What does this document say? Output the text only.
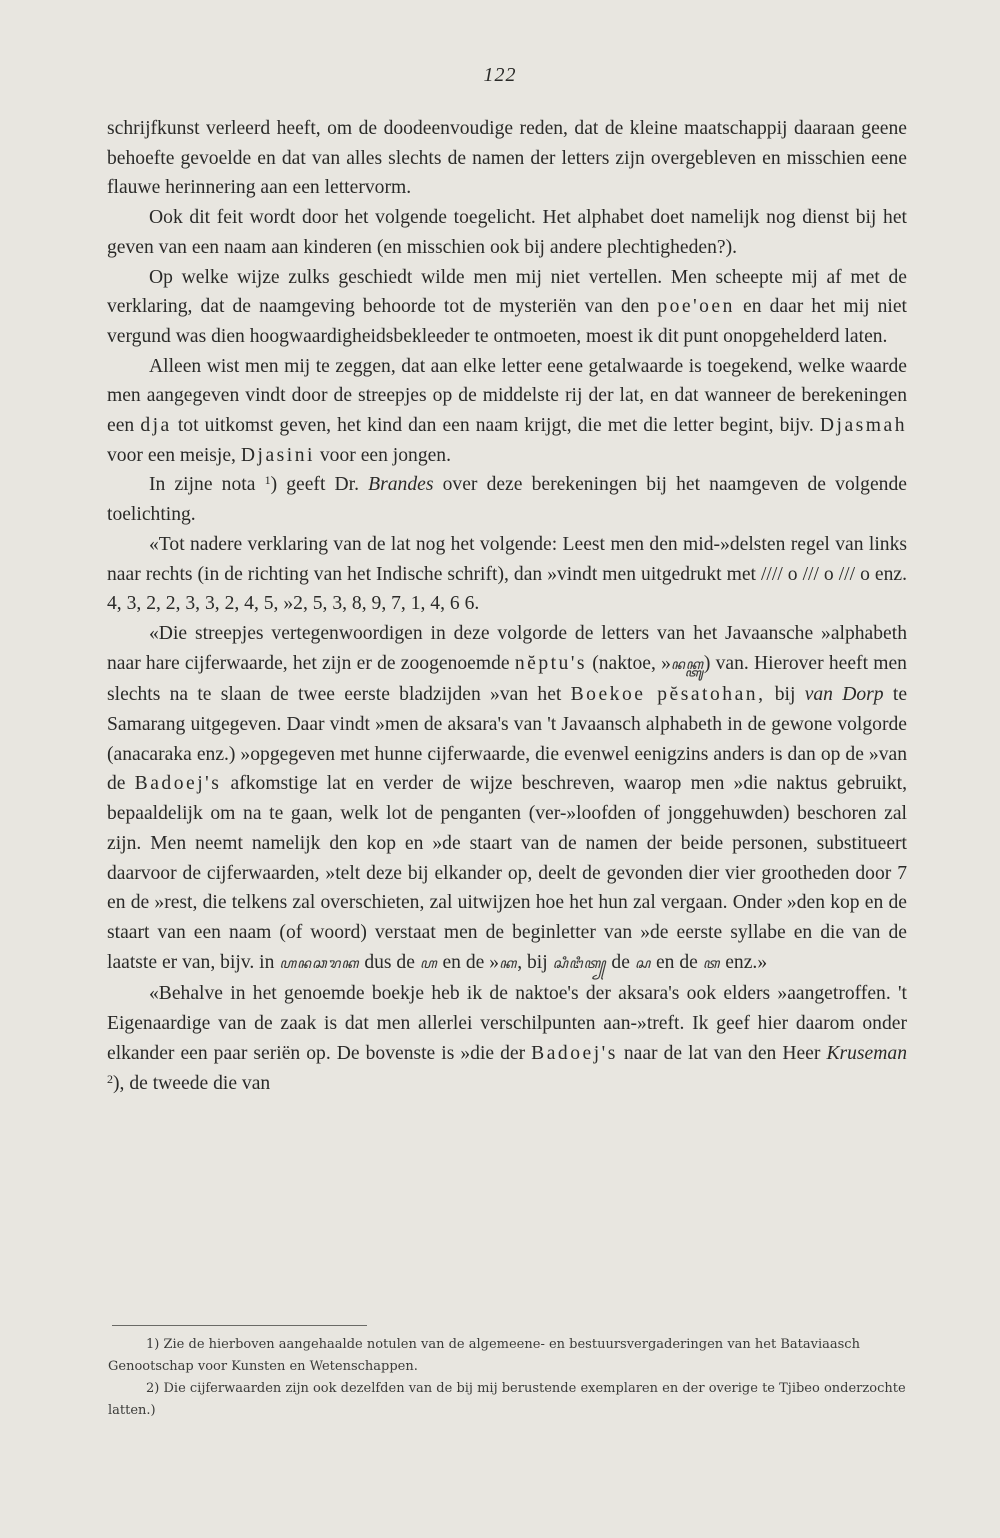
122

schrijfkunst verleerd heeft, om de doodeenvoudige reden, dat de kleine maatschappij daaraan geene behoefte gevoelde en dat van alles slechts de namen der letters zijn overgebleven en misschien eene flauwe herinnering aan een lettervorm.

Ook dit feit wordt door het volgende toegelicht. Het alphabet doet namelijk nog dienst bij het geven van een naam aan kinderen (en misschien ook bij andere plechtigheden?).

Op welke wijze zulks geschiedt wilde men mij niet vertellen. Men scheepte mij af met de verklaring, dat de naamgeving behoorde tot de mysteriën van den poe'oen en daar het mij niet vergund was dien hoogwaardigheidsbekleeder te ontmoeten, moest ik dit punt onopgehelderd laten.

Alleen wist men mij te zeggen, dat aan elke letter eene getalwaarde is toegekend, welke waarde men aangegeven vindt door de streepjes op de middelste rij der lat, en dat wanneer de berekeningen een dja tot uitkomst geven, het kind dan een naam krijgt, die met die letter begint, bijv. Djasmah voor een meisje, Djasini voor een jongen.

In zijne nota $^1$) geeft Dr. Brandes over deze berekeningen bij het naamgeven de volgende toelichting.

«Tot nadere verklaring van de lat nog het volgende: Leest men den mid-»delsten regel van links naar rechts (in de richting van het Indische schrift), dan »vindt men uitgedrukt met //// o /// o /// o enz. 4, 3, 2, 2, 3, 3, 2, 4, 5, »2, 5, 3, 8, 9, 7, 1, 4, 6 6.

«Die streepjes vertegenwoordigen in deze volgorde de letters van het Javaansche »alphabeth naar hare cijferwaarde, het zijn er de zoogenoemde nĕptu's (naktoe, »ꦤꦏ꧀ꦠꦸ) van. Hierover heeft men slechts na te slaan de twee eerste bladzijden »van het Boekoe pĕsatohan, bij van Dorp te Samarang uitgegeven. Daar vindt »men de aksara's van 't Javaansch alphabeth in de gewone volgorde (anacaraka enz.) »opgegeven met hunne cijferwaarde, die evenwel eenigzins anders is dan op de »van de Badoej's afkomstige lat en verder de wijze beschreven, waarop men »die naktus gebruikt, bepaaldelijk om na te gaan, welk lot de penganten (ver-»loofden of jonggehuwden) beschoren zal zijn. Men neemt namelijk den kop en »de staart van de namen der beide personen, substitueert daarvoor de cijferwaarden, »telt deze bij elkander op, deelt de gevonden dier vier grootheden door 7 en de »rest, die telkens zal overschieten, zal uitwijzen hoe het hun zal vergaan. Onder »den kop en de staart van een naam (of woord) verstaat men de beginletter van »de eerste syllabe en die van de laatste er van, bijv. in ꦲꦤꦕꦫꦏ dus de ꦲ en de »ꦏ, bij ꦱꦶꦔꦶꦠ꧀ de ꦱ en de ꦠ enz.»

«Behalve in het genoemde boekje heb ik de naktoe's der aksara's ook elders »aangetroffen. 't Eigenaardige van de zaak is dat men allerlei verschilpunten aan-»treft. Ik geef hier daarom onder elkander een paar seriën op. De bovenste is »die der Badoej's naar de lat van den Heer Kruseman $^2$), de tweede die van

1) Zie de hierboven aangehaalde notulen van de algemeene- en bestuursvergaderingen van het Bataviaasch Genootschap voor Kunsten en Wetenschappen.

2) Die cijferwaarden zijn ook dezelfden van de bij mij berustende exemplaren en der overige te Tjibeo onderzochte latten.)
